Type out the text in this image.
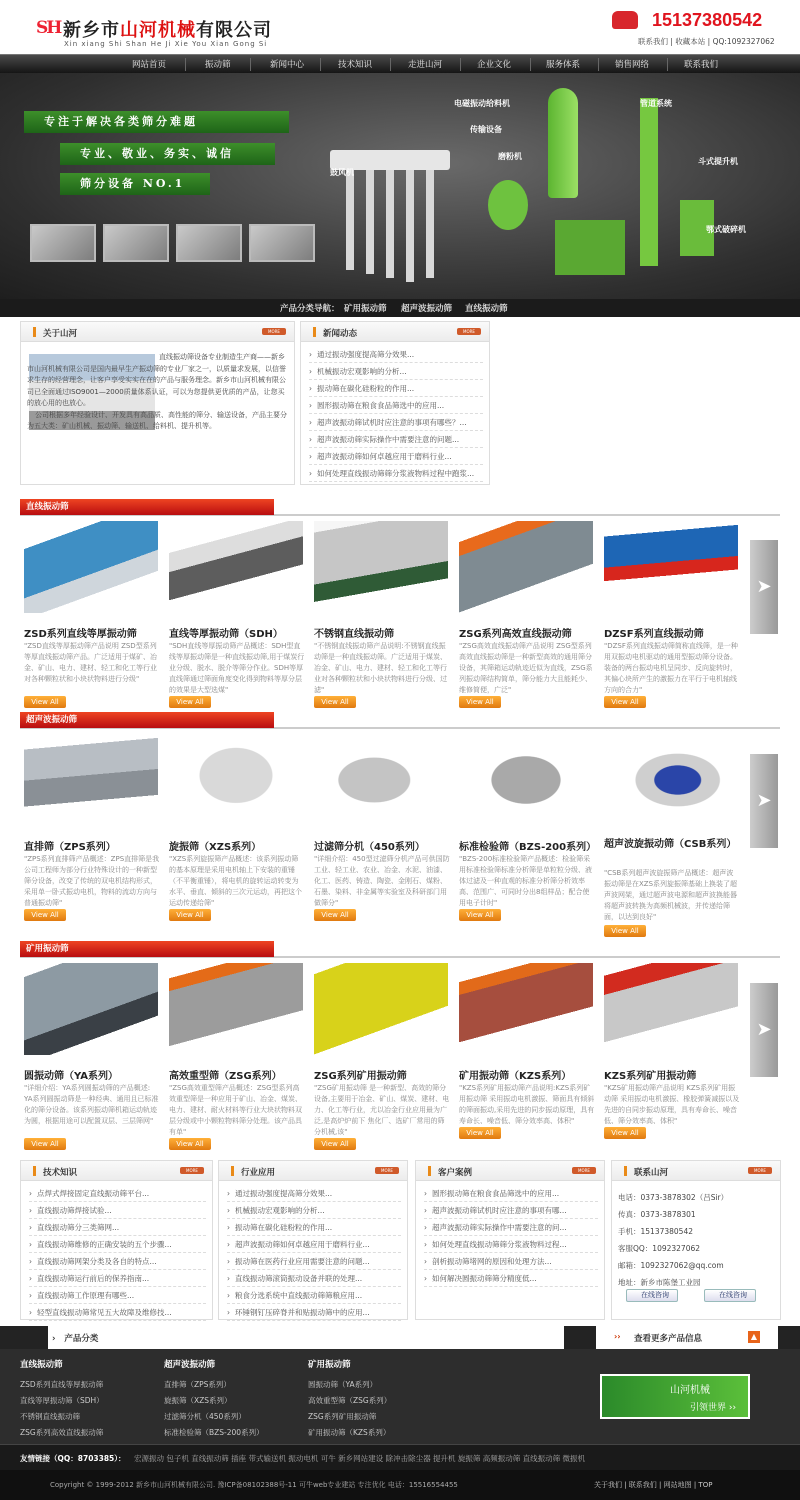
SH 新乡市山河机械有限公司
Xin xiang Shi Shan He Ji Xie You Xian Gong Si
15137380542
联系我们 | 收藏本站 | QQ:1092327062
网站首页	振动筛	新闻中心	技术知识	走进山河	企业文化	服务体系	销售网络	联系我们
专注于解决各类筛分难题
专业、敬业、务实、诚信
筛分设备 NO.1
电磁振动给料机	管道系统
传输设备
磨粉机
斗式提升机
鼓风机
鄂式破碎机
产品分类导航： 矿用振动筛 超声波振动筛 直线振动筛
关于山河	MORE
直线振动筛设备专业制造生产商——新乡市山河机械有限公司是国内最早生产振动筛的专业厂家之一，以质量求发展，以信誉求生存的经营理念，让客户享受实实在在的产品与服务理念。新乡市山河机械有限公司已全面通过ISO9001—2000质量体系认证，可以为您提供更优质的产品，让您买的放心用的也放心。

公司根据多年经验设计、开发具有高品质、高性能的筛分、输送设备，产品主要分为五大类：矿山机械、振动筛、输送机、给料机、提升机等。
新闻动态	MORE
› 通过振动强度提高筛分效果...
› 机械振动宏观影响的分析...
› 振动筛在碳化硅粉粒的作用...
› 圆形振动筛在粮食食品筛选中的应用...
› 超声波振动筛试机时应注意的事项有哪些？...
› 超声波振动筛实际操作中需要注意的问题...
› 超声波振动筛如何卓越应用于磨料行业...
› 如何处理直线振动筛筛分浆液物料过程中跑浆...
直线振动筛
ZSD系列直线等厚振动筛
"ZSD直线等厚振动筛产品说明 ZSD型系列等厚直线振动筛产品。广泛适用于煤矿、冶金、矿山、电力、建材、轻工和化工等行业对各种颗粒状和小块状物料进行分级"
View All
直线等厚振动筛（SDH）
"SDH直线等厚振动筛产品概述：SDH型直线等厚振动筛是一种直线振动筛,用于煤炭行业分级、脱水、脱介等筛分作业。SDH等厚直线筛通过筛面角度变化得到物料等厚分层的效果是大型选煤"
View All
不锈钢直线振动筛
"不锈钢直线振动筛产品说明:不锈钢直线振动筛是一种直线振动筛。广泛适用于煤炭、冶金、矿山、电力、建材、轻工和化工等行业对各种颗粒状和小块状物料进行分级、过滤"
View All
ZSG系列高效直线振动筛
"ZSG高效直线振动筛产品说明 ZSG型系列高效直线振动筛是一种新型高效的通用筛分设备，其筛箱运动轨迹近似为直线，ZSG系列振动筛结构简单，筛分能力大且能耗少、维修简便，广泛"
View All
DZSF系列直线振动筛
"DZSF系列直线振动筛简称直线筛，是一种用双振动电机驱动的通用型振动筛分设备。装备的两台振动电机呈同步、反向旋转时，其偏心块所产生的激振力在平行于电机轴线方向的合力"
View All
➤
超声波振动筛
直排筛（ZPS系列）
"ZPS系列直排筛产品概述：ZPS直排筛是我公司工程师为部分行业特殊设计的一种新型筛分设备，改变了传统的双电机结构形式，采用单一卧式振动电机，物料的流动方向与普通振动筛"
View All
旋振筛（XZS系列）
"XZS系列旋振筛产品概述：该系列振动筛的基本原理是采用电机轴上下安装的重锤（不平衡重锤），将电机的旋转运动转变为水平、垂直、倾斜的三次元运动，再把这个运动传递给筛"
View All
过滤筛分机（450系列）
"详细介绍：450型过滤筛分机产品可供国防工业、轻工业、农业、冶金、水泥、油漆、化工、医药、铸造、陶瓷、金刚石、煤粉、石墨、染料、非金属等实验室及科研部门用做筛分"
View All
标准检验筛（BZS-200系列）
"BZS-200标准检验筛产品概述：检验筛采用标准检验筛标准分析筛是单粒粒分级、液体过滤及一种直观的标准分析筛分析效率高、范围广、可同时分出8组样品；配合使用电子计时"
View All
超声波旋振动筛（CSB系列）
"CSB系列超声波旋振筛产品概述：超声波振动筛是在XZS系列旋振筛基础上换装了超声波网架，通过超声波电源和超声波换能器将超声波转换为高频机械波，并传递给筛面，以达到良好"
View All
➤
矿用振动筛
圆振动筛（YA系列）
"详细介绍：YA系列圆振动筛的产品概述: YA系列圆振动筛是一种经典、通用且已标准化的筛分设备。该系列振动筛机箱运动轨迹为圆，根据用途可以配置双层、三层筛网"
View All
高效重型筛（ZSG系列）
"ZSG高效重型筛产品概述：ZSG型系列高效重型筛是一种应用于矿山、冶金、煤炭、电力、建材、耐火材料等行业大块状物料双层分级或中小颗粒物料筛分处理。该产品具有单"
View All
ZSG系列矿用振动筛
"ZSG矿用振动筛 是一种新型、高效的筛分设备,主要用于冶金、矿山、煤炭、建材、电力、化工等行业，尤以冶金行业应用最为广泛,是高炉炉前下 焦化厂、选矿厂常用的筛分机械,该"
View All
矿用振动筛（KZS系列）
"KZS系列矿用振动筛产品说明:KZS系列矿用振动筛 采用振动电机激振、筛面具有倾斜的筛面振动,采用先进的同步振动原理，具有寿命长、噪音低、筛分效率高、体积"
View All
KZS系列矿用振动筛
"KZS矿用振动筛产品说明 KZS系列矿用振动筛 采用振动电机激振、橡胶弹簧减振以及先进的自同步振动原理，具有寿命长、噪音低、筛分效率高、体积"
View All
➤
技术知识	MORE
› 点焊式焊接固定直线振动筛平台...
› 直线振动筛焊接试验...
› 直线振动筛分三类筛网...
› 直线振动筛维修的正确安装的五个步骤...
› 直线振动筛网架分类及各自的特点...
› 直线振动筛运行前后的保养指南...
› 直线振动筛工作原理有哪些...
› 轻型直线振动筛常见五大故障及维修技...
行业应用	MORE
› 通过振动强度提高筛分效果...
› 机械振动宏观影响的分析...
› 振动筛在碳化硅粉粒的作用...
› 超声波振动筛如何卓越应用于磨料行业...
› 振动筛在医药行业应用需要注意的问题...
› 直线振动筛滚筒振动设备并联的处理...
› 粮食分选系统中直线振动筛筛粮应用...
› 环锤钢钉压碎脊并和贴振动筛中的应用...
客户案例	MORE
› 圆形振动筛在粮食食品筛选中的应用...
› 超声波振动筛试机时应注意的事项有哪...
› 超声波振动筛实际操作中需要注意的问...
› 如何处理直线振动筛筛分浆液物料过程...
› 剖析振动筛堵网的原因和处理方法...
› 如何解决圆振动筛筛分精度低...
联系山河	MORE
电话：0373-3878302（吕Sir）
传真：0373-3878301
手机：15137380542
客服QQ：1092327062
邮箱：1092327062@qq.com
地址：新乡市陈堡工业园
在线咨询	在线咨询
›   产品分类	›› 查看更多产品信息	▲
直线振动筛
ZSD系列直线等厚振动筛
直线等厚振动筛（SDH）
不锈钢直线振动筛
ZSG系列高效直线振动筛
超声波振动筛
直排筛（ZPS系列）
旋振筛（XZS系列）
过滤筛分机（450系列）
标准检验筛（BZS-200系列）
矿用振动筛
圆振动筛（YA系列）
高效重型筛（ZSG系列）
ZSG系列矿用振动筛
矿用振动筛（KZS系列）
山河机械
引领世界 ››
友情链接（QQ：8703385）： 宏源振动 包子机 直线振动筛 插座 带式输送机 振动电机 可牛 新乡网站建设 除冲击除尘器 提升机 旋振筛 高频振动筛 直线振动筛 微振机
Copyright © 1999-2012 新乡市山河机械有限公司. 豫ICP备08102388号-11 可牛web专业建站 专注优化 电话：15516554455	关于我们 | 联系我们 | 网站地图 | TOP
